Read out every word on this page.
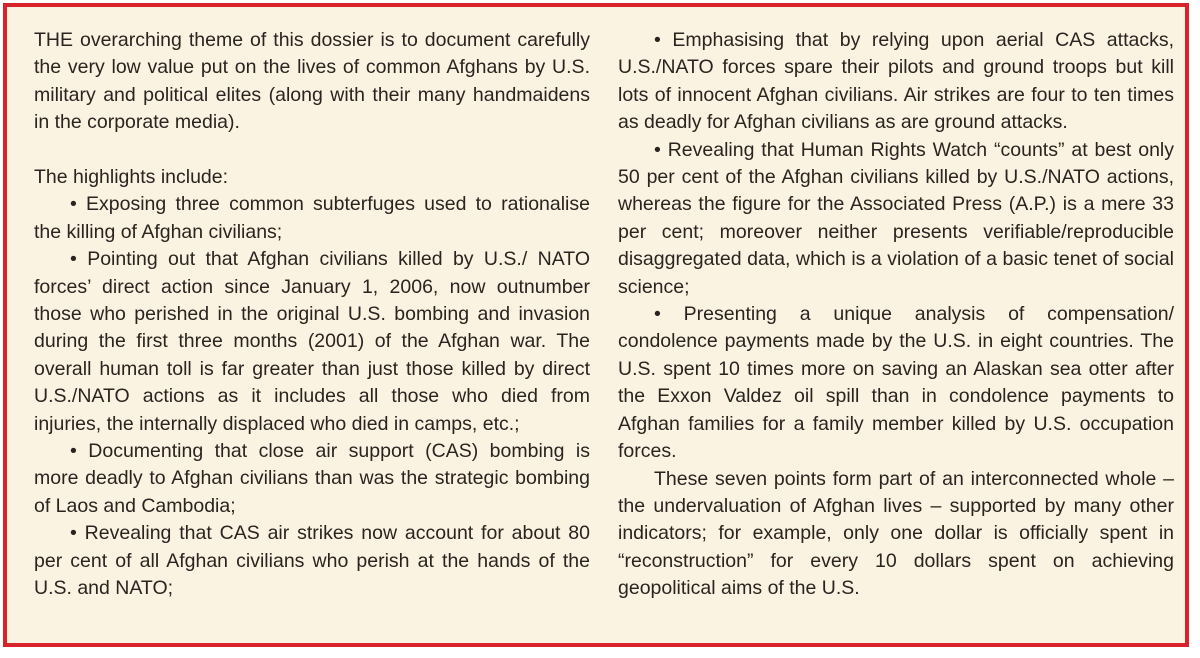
THE overarching theme of this dossier is to document carefully the very low value put on the lives of common Afghans by U.S. military and political elites (along with their many handmaidens in the corporate media).

The highlights include:

• Exposing three common subterfuges used to rationalise the killing of Afghan civilians;

• Pointing out that Afghan civilians killed by U.S./ NATO forces’ direct action since January 1, 2006, now outnumber those who perished in the original U.S. bombing and invasion during the first three months (2001) of the Afghan war. The overall human toll is far greater than just those killed by direct U.S./NATO actions as it includes all those who died from injuries, the internally displaced who died in camps, etc.;

• Documenting that close air support (CAS) bombing is more deadly to Afghan civilians than was the strategic bombing of Laos and Cambodia;

• Revealing that CAS air strikes now account for about 80 per cent of all Afghan civilians who perish at the hands of the U.S. and NATO;

• Emphasising that by relying upon aerial CAS attacks, U.S./NATO forces spare their pilots and ground troops but kill lots of innocent Afghan civilians. Air strikes are four to ten times as deadly for Afghan civilians as are ground attacks.

• Revealing that Human Rights Watch “counts” at best only 50 per cent of the Afghan civilians killed by U.S./NATO actions, whereas the figure for the Associated Press (A.P.) is a mere 33 per cent; moreover neither presents verifiable/reproducible disaggregated data, which is a violation of a basic tenet of social science;

• Presenting a unique analysis of compensation/ condolence payments made by the U.S. in eight countries. The U.S. spent 10 times more on saving an Alaskan sea otter after the Exxon Valdez oil spill than in condolence payments to Afghan families for a family member killed by U.S. occupation forces.

These seven points form part of an interconnected whole – the undervaluation of Afghan lives – supported by many other indicators; for example, only one dollar is officially spent in “reconstruction” for every 10 dollars spent on achieving geopolitical aims of the U.S.
